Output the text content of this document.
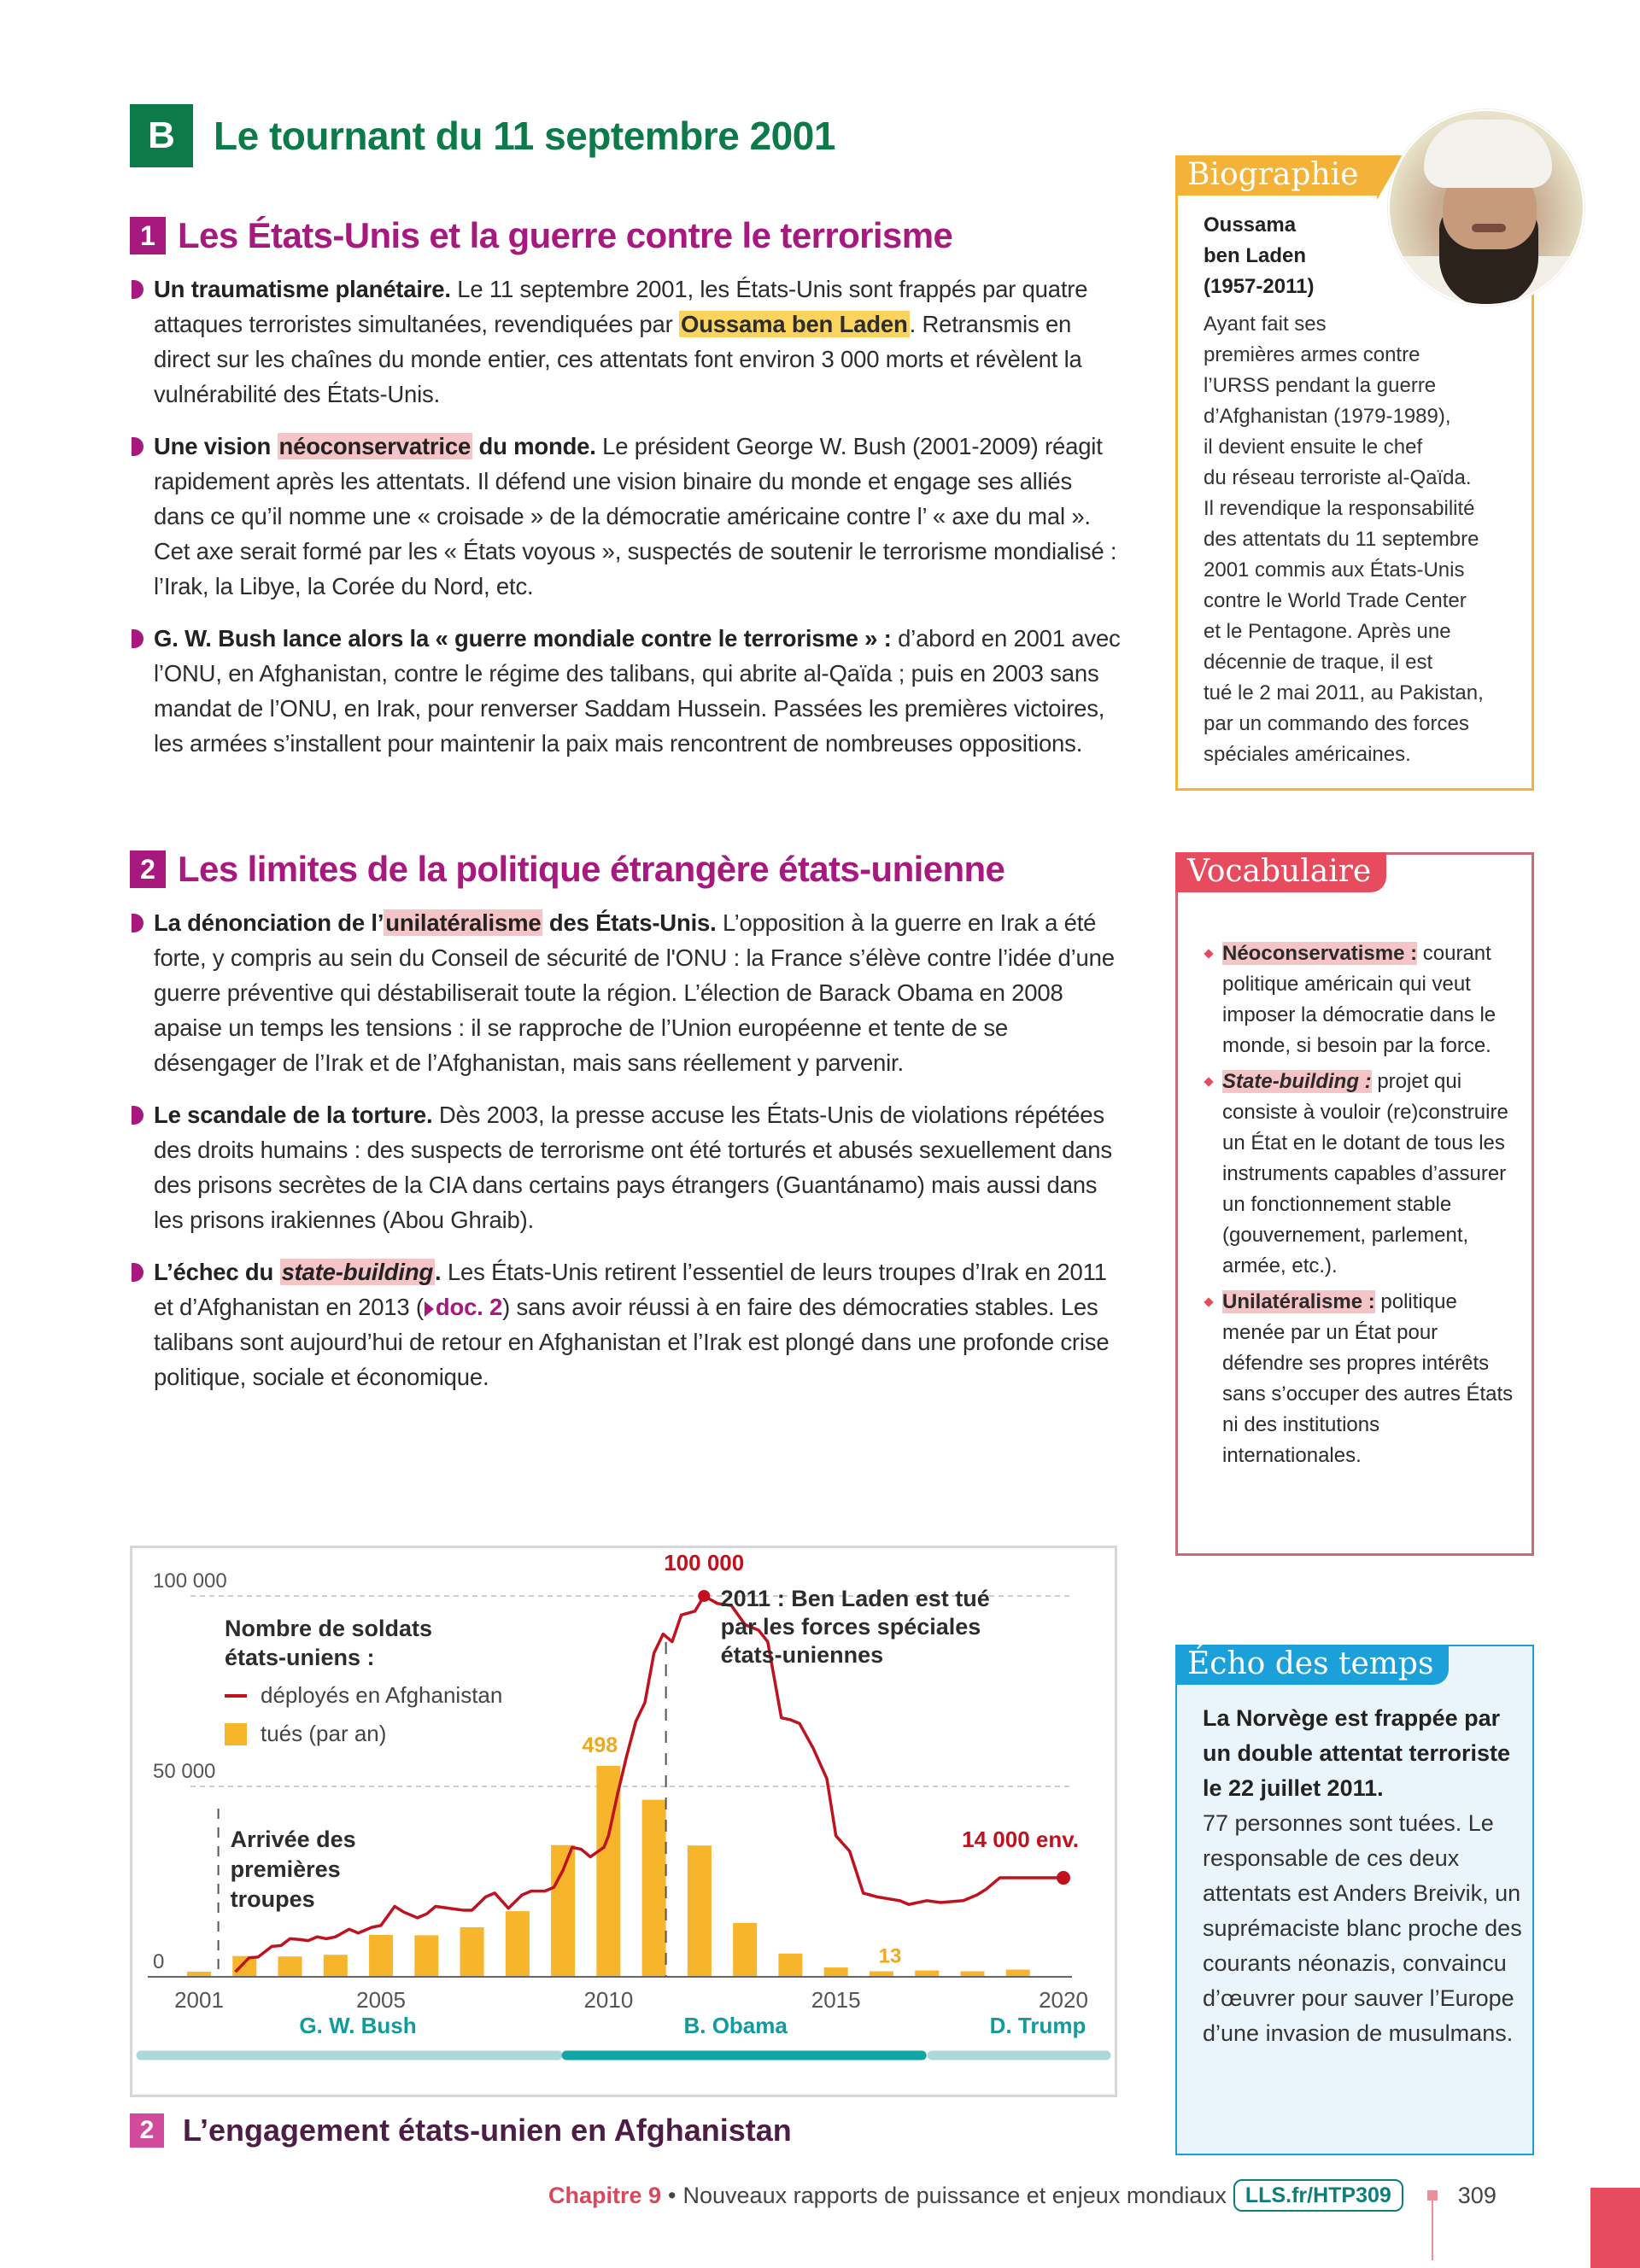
B Le tournant du 11 septembre 2001
1 Les États-Unis et la guerre contre le terrorisme

Un traumatisme planétaire. Le 11 septembre 2001, les États-Unis sont frappés par quatre attaques terroristes simultanées, revendiquées par Oussama ben Laden. Retransmis en direct sur les chaînes du monde entier, ces attentats font environ 3 000 morts et révèlent la vulnérabilité des États-Unis.

Une vision néoconservatrice du monde. Le président George W. Bush (2001-2009) réagit rapidement après les attentats. Il défend une vision binaire du monde et engage ses alliés dans ce qu’il nomme une « croisade » de la démocratie américaine contre l’ « axe du mal ». Cet axe serait formé par les « États voyous », suspectés de soutenir le terrorisme mondialisé : l’Irak, la Libye, la Corée du Nord, etc.

G. W. Bush lance alors la « guerre mondiale contre le terrorisme » : d’abord en 2001 avec l’ONU, en Afghanistan, contre le régime des talibans, qui abrite al-Qaïda ; puis en 2003 sans mandat de l’ONU, en Irak, pour renverser Saddam Hussein. Passées les premières victoires, les armées s’installent pour maintenir la paix mais rencontrent de nombreuses oppositions.

2 Les limites de la politique étrangère états-unienne

La dénonciation de l’unilatéralisme des États-Unis. L’opposition à la guerre en Irak a été forte, y compris au sein du Conseil de sécurité de l'ONU : la France s’élève contre l’idée d’une guerre préventive qui déstabiliserait toute la région. L’élection de Barack Obama en 2008 apaise un temps les tensions : il se rapproche de l’Union européenne et tente de se désengager de l’Irak et de l’Afghanistan, mais sans réellement y parvenir.

Le scandale de la torture. Dès 2003, la presse accuse les États-Unis de violations répétées des droits humains : des suspects de terrorisme ont été torturés et abusés sexuellement dans des prisons secrètes de la CIA dans certains pays étrangers (Guantánamo) mais aussi dans les prisons irakiennes (Abou Ghraib).

L’échec du state-building. Les États-Unis retirent l’essentiel de leurs troupes d’Irak en 2011 et d’Afghanistan en 2013 ( doc. 2) sans avoir réussi à en faire des démocraties stables. Les talibans sont aujourd’hui de retour en Afghanistan et l’Irak est plongé dans une profonde crise politique, sociale et économique.

Biographie
Oussama
ben Laden
(1957-2011)
Ayant fait ses
premières armes contre
l’URSS pendant la guerre
d’Afghanistan (1979-1989),
il devient ensuite le chef
du réseau terroriste al-Qaïda.
Il revendique la responsabilité
des attentats du 11 septembre
2001 commis aux États-Unis
contre le World Trade Center
et le Pentagone. Après une
décennie de traque, il est
tué le 2 mai 2011, au Pakistan,
par un commando des forces
spéciales américaines.
Vocabulaire
Néoconservatisme : courant politique américain qui veut imposer la démocratie dans le monde, si besoin par la force.
State-building : projet qui consiste à vouloir (re)construire un État en le dotant de tous les instruments capables d’assurer un fonctionnement stable (gouvernement, parlement, armée, etc.).
Unilatéralisme : politique menée par un État pour défendre ses propres intérêts sans s’occuper des autres États ni des institutions internationales.
Écho des temps
La Norvège est frappée par un double attentat terroriste le 22 juillet 2011.
77 personnes sont tuées. Le responsable de ces deux attentats est Anders Breivik, un suprémaciste blanc proche des courants néonazis, convaincu d’œuvrer pour sauver l’Europe d’une invasion de musulmans.
0
50 000
100 000
2001	2005	2010	2015	2020
Nombre de soldats
états-uniens :
déployés en Afghanistan
tués (par an)
100 000
2011 : Ben Laden est tué
par les forces spéciales
états-uniennes
Arrivée des
premières
troupes
498
13
14 000 env.
G. W. Bush	B. Obama	D. Trump
2 L’engagement états-unien en Afghanistan
Chapitre 9 • Nouveaux rapports de puissance et enjeux mondiaux LLS.fr/HTP309	309
